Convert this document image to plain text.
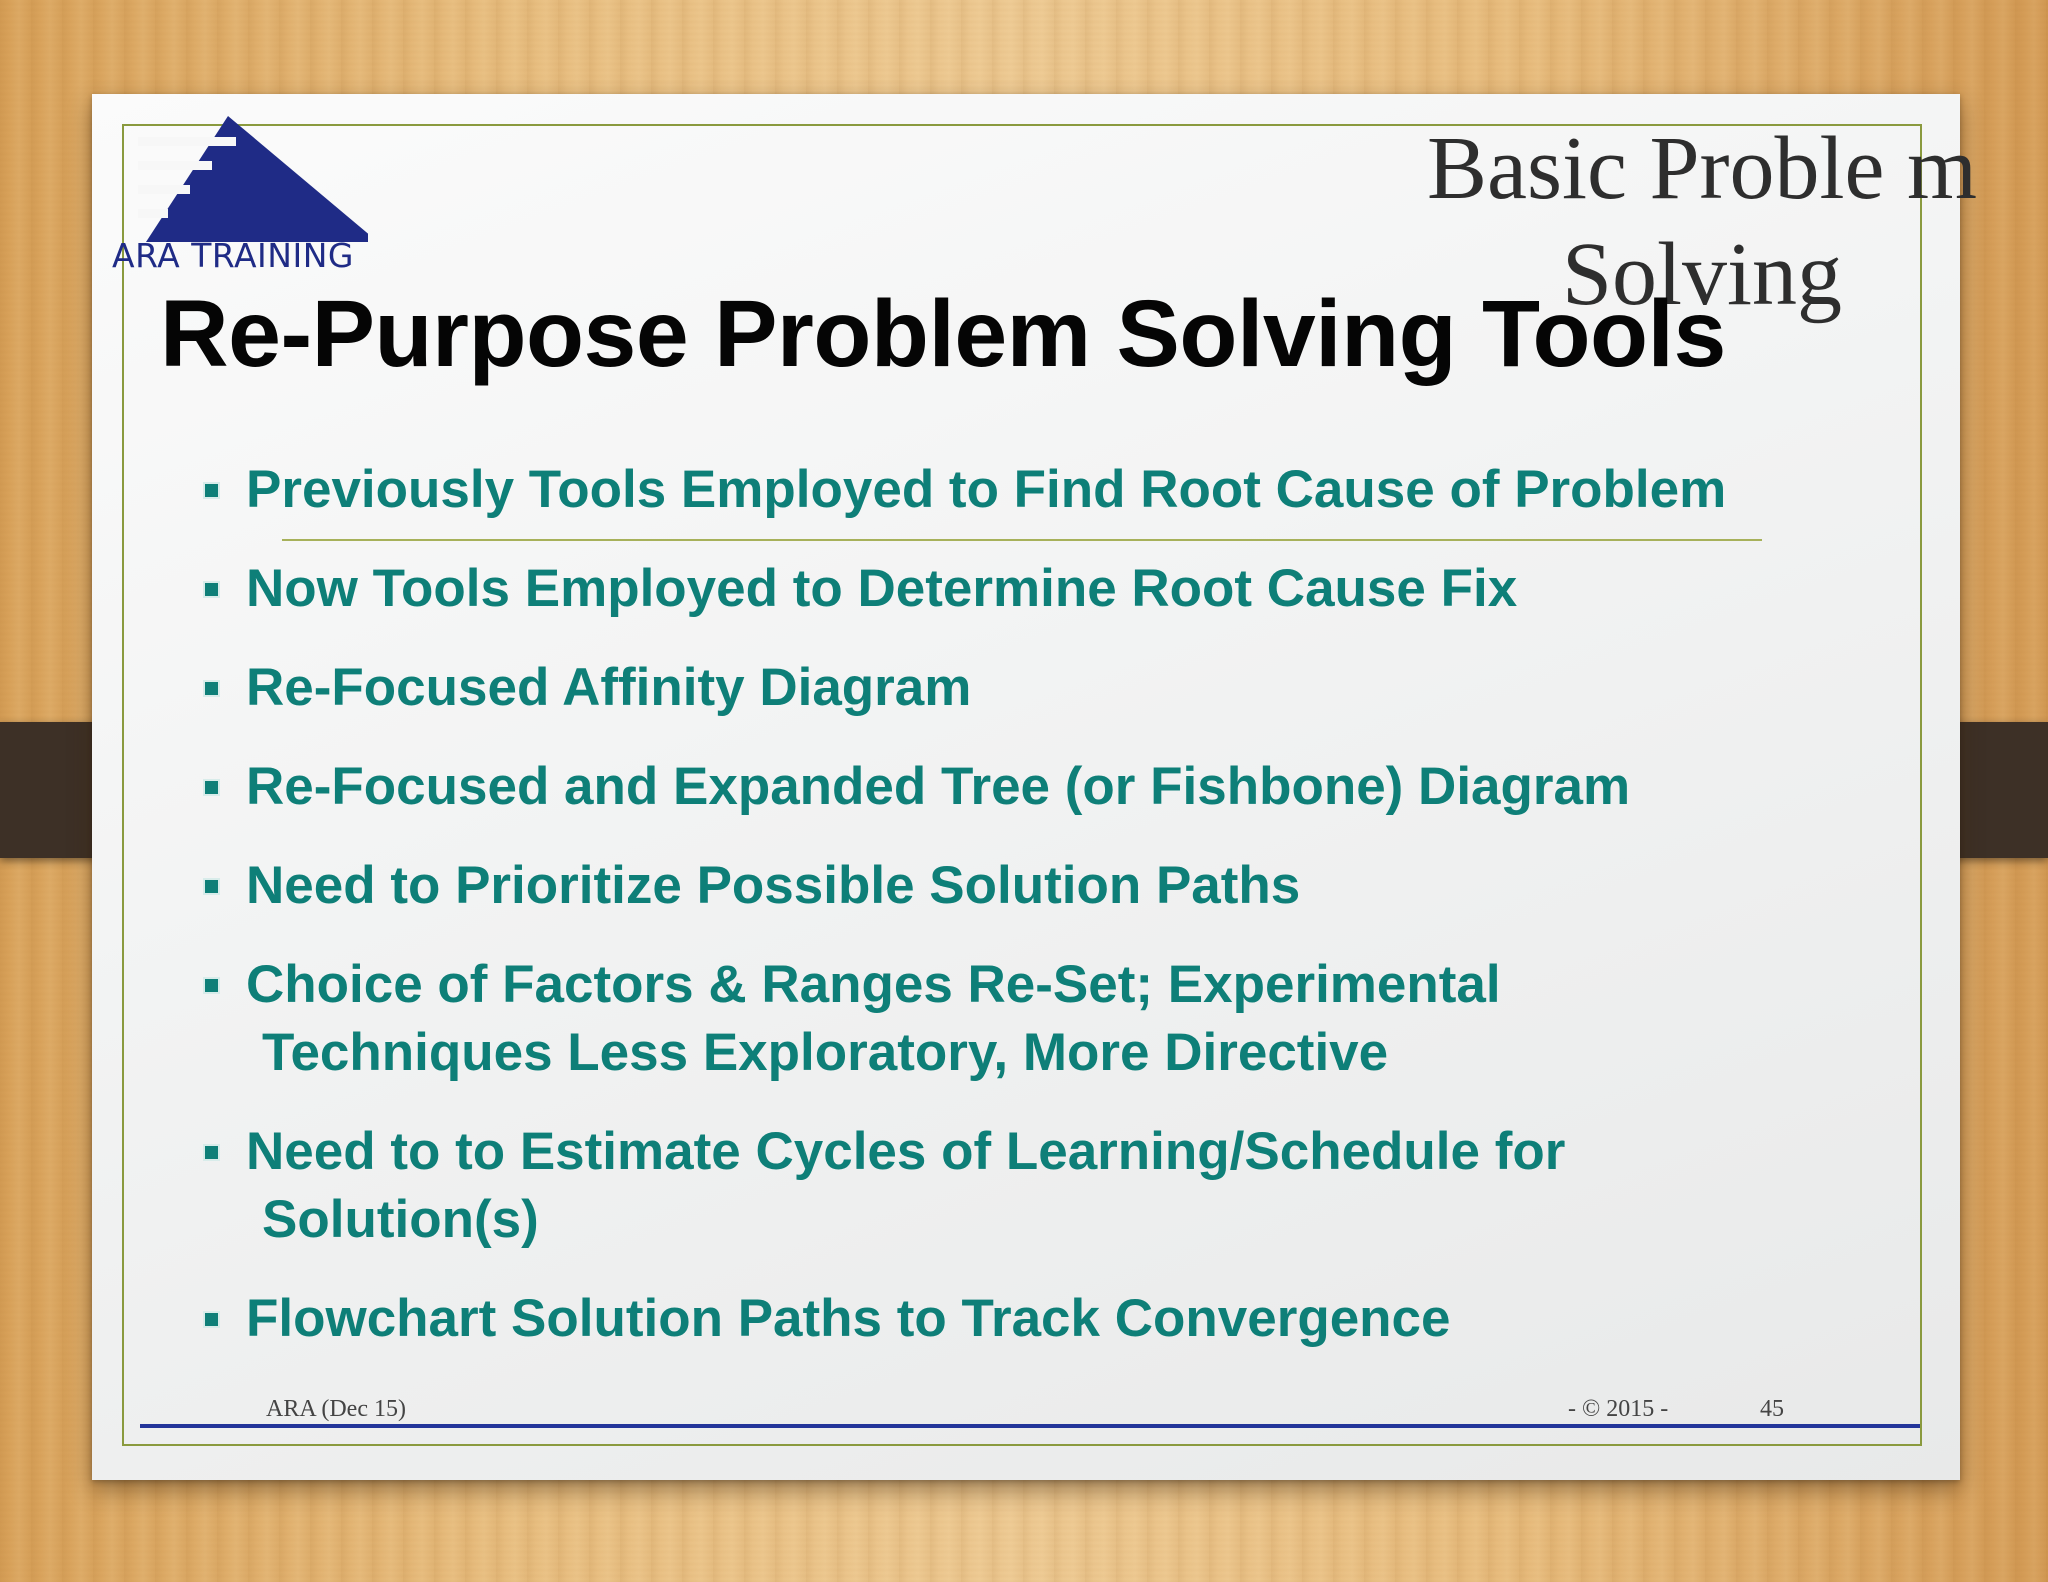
Basic Proble m Solving
ARA TRAINING
Re-Purpose Problem Solving Tools
Previously Tools Employed to Find Root Cause of Problem
Now Tools Employed to Determine Root Cause Fix
Re-Focused Affinity Diagram
Re-Focused and Expanded Tree (or Fishbone) Diagram
Need to Prioritize Possible Solution Paths
Choice of Factors & Ranges Re-Set; Experimental
Techniques Less Exploratory, More Directive
Need to to Estimate Cycles of Learning/Schedule for
Solution(s)
Flowchart Solution Paths to Track Convergence
ARA (Dec 15)	- © 2015 -	45
